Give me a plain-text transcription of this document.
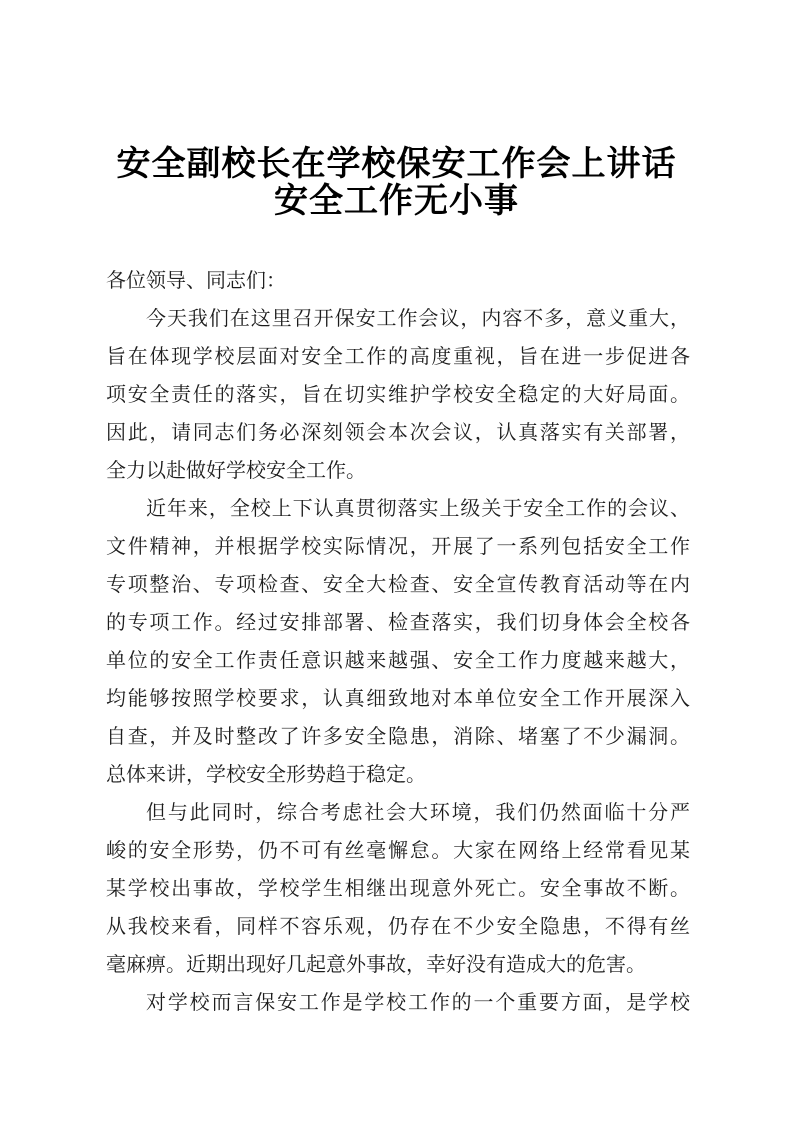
安全副校长在学校保安工作会上讲话
安全工作无小事
各位领导、同志们：
今天我们在这里召开保安工作会议，内容不多，意义重大，
旨在体现学校层面对安全工作的高度重视，旨在进一步促进各
项安全责任的落实，旨在切实维护学校安全稳定的大好局面。
因此，请同志们务必深刻领会本次会议，认真落实有关部署，
全力以赴做好学校安全工作。
近年来，全校上下认真贯彻落实上级关于安全工作的会议、
文件精神，并根据学校实际情况，开展了一系列包括安全工作
专项整治、专项检查、安全大检查、安全宣传教育活动等在内
的专项工作。经过安排部署、检查落实，我们切身体会全校各
单位的安全工作责任意识越来越强、安全工作力度越来越大，
均能够按照学校要求，认真细致地对本单位安全工作开展深入
自查，并及时整改了许多安全隐患，消除、堵塞了不少漏洞。
总体来讲，学校安全形势趋于稳定。
但与此同时，综合考虑社会大环境，我们仍然面临十分严
峻的安全形势，仍不可有丝毫懈怠。大家在网络上经常看见某
某学校出事故，学校学生相继出现意外死亡。安全事故不断。
从我校来看，同样不容乐观，仍存在不少安全隐患，不得有丝
毫麻痹。近期出现好几起意外事故，幸好没有造成大的危害。
对学校而言保安工作是学校工作的一个重要方面，是学校
